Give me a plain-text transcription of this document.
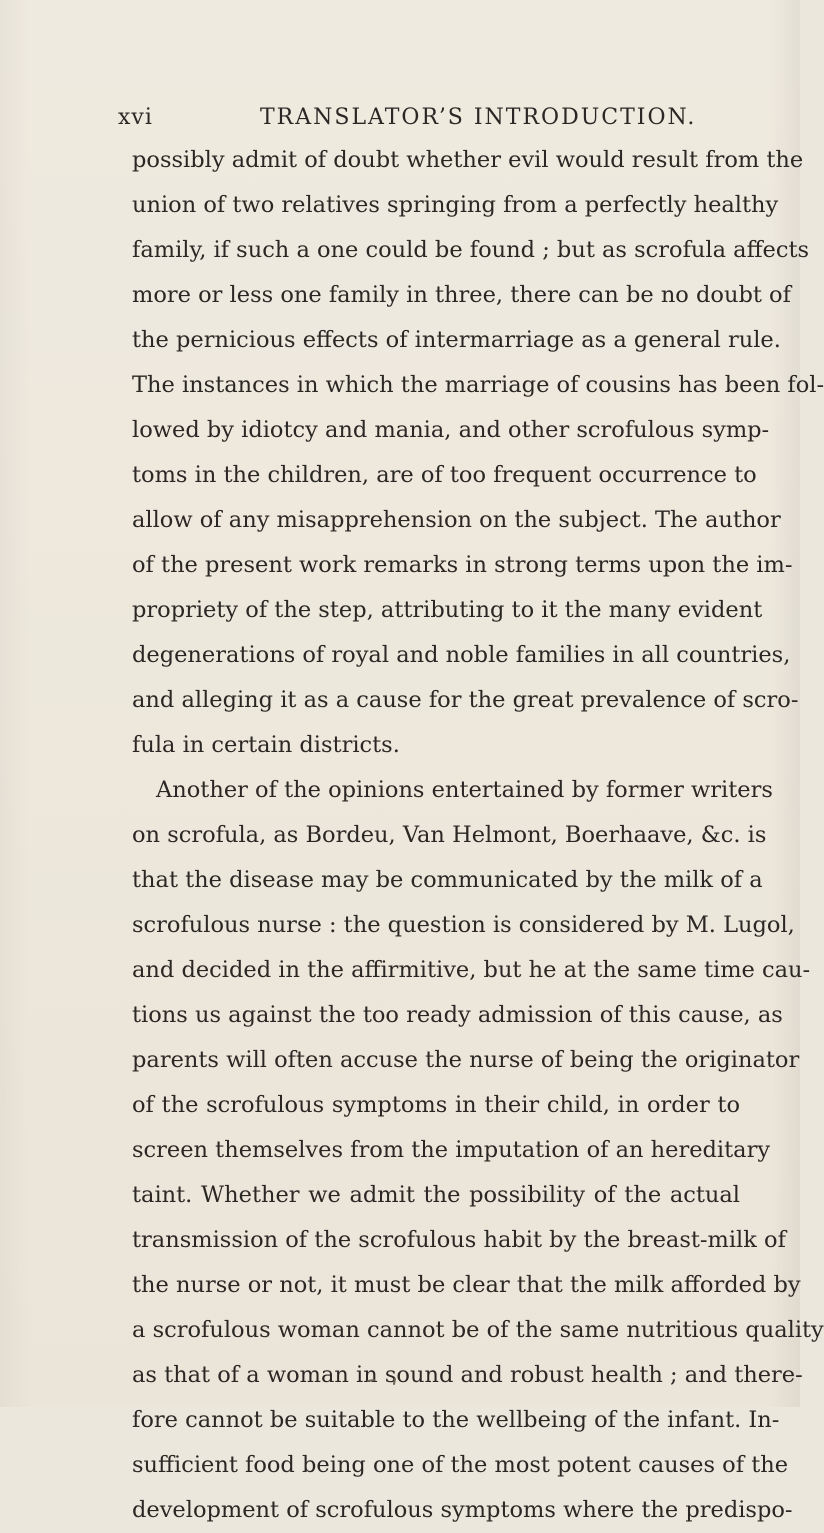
xvi	TRANSLATOR’S INTRODUCTION.
possibly admit of doubt whether evil would result from the
union of two relatives springing from a perfectly healthy
family, if such a one could be found ; but as scrofula affects
more or less one family in three, there can be no doubt of
the pernicious effects of intermarriage as a general rule.
The instances in which the marriage of cousins has been fol-
lowed by idiotcy and mania, and other scrofulous symp-
toms in the children, are of too frequent occurrence to
allow of any misapprehension on the subject. The author
of the present work remarks in strong terms upon the im-
propriety of the step, attributing to it the many evident
degenerations of royal and noble families in all countries,
and alleging it as a cause for the great prevalence of scro-
fula in certain districts.
Another of the opinions entertained by former writers
on scrofula, as Bordeu, Van Helmont, Boerhaave, &c. is
that the disease may be communicated by the milk of a
scrofulous nurse : the question is considered by M. Lugol,
and decided in the affirmitive, but he at the same time cau-
tions us against the too ready admission of this cause, as
parents will often accuse the nurse of being the originator
of the scrofulous symptoms in their child, in order to
screen themselves from the imputation of an hereditary
taint. Whether we admit the possibility of the actual
transmission of the scrofulous habit by the breast-milk of
the nurse or not, it must be clear that the milk afforded by
a scrofulous woman cannot be of the same nutritious quality
as that of a woman in sound and robust health ; and there-
fore cannot be suitable to the wellbeing of the infant. In-
sufficient food being one of the most potent causes of the
development of scrofulous symptoms where the predispo-
